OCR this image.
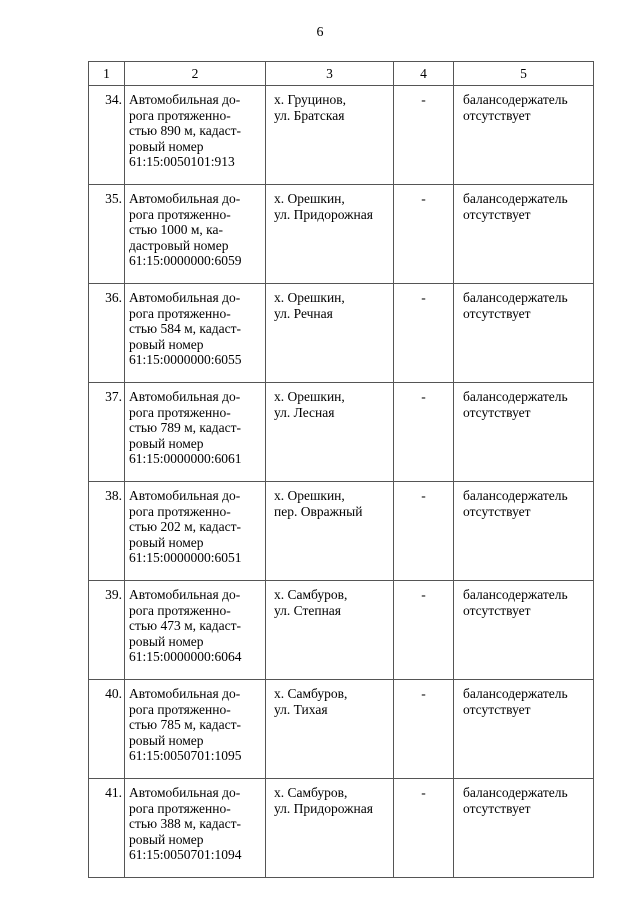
6
1	2	3	4	5
34.	Автомобильная до-
рога протяженно-
стью 890 м, кадаст-
ровый номер
61:15:0050101:913	х. Груцинов,
ул. Братская	-	балансодержатель
отсутствует
35.	Автомобильная до-
рога протяженно-
стью 1000 м, ка-
дастровый номер
61:15:0000000:6059	х. Орешкин,
ул. Придорожная	-	балансодержатель
отсутствует
36.	Автомобильная до-
рога протяженно-
стью 584 м, кадаст-
ровый номер
61:15:0000000:6055	х. Орешкин,
ул. Речная	-	балансодержатель
отсутствует
37.	Автомобильная до-
рога протяженно-
стью 789 м, кадаст-
ровый номер
61:15:0000000:6061	х. Орешкин,
ул. Лесная	-	балансодержатель
отсутствует
38.	Автомобильная до-
рога протяженно-
стью 202 м, кадаст-
ровый номер
61:15:0000000:6051	х. Орешкин,
пер. Овражный	-	балансодержатель
отсутствует
39.	Автомобильная до-
рога протяженно-
стью 473 м, кадаст-
ровый номер
61:15:0000000:6064	х. Самбуров,
ул. Степная	-	балансодержатель
отсутствует
40.	Автомобильная до-
рога протяженно-
стью 785 м, кадаст-
ровый номер
61:15:0050701:1095	х. Самбуров,
ул. Тихая	-	балансодержатель
отсутствует
41.	Автомобильная до-
рога протяженно-
стью 388 м, кадаст-
ровый номер
61:15:0050701:1094	х. Самбуров,
ул. Придорожная	-	балансодержатель
отсутствует
